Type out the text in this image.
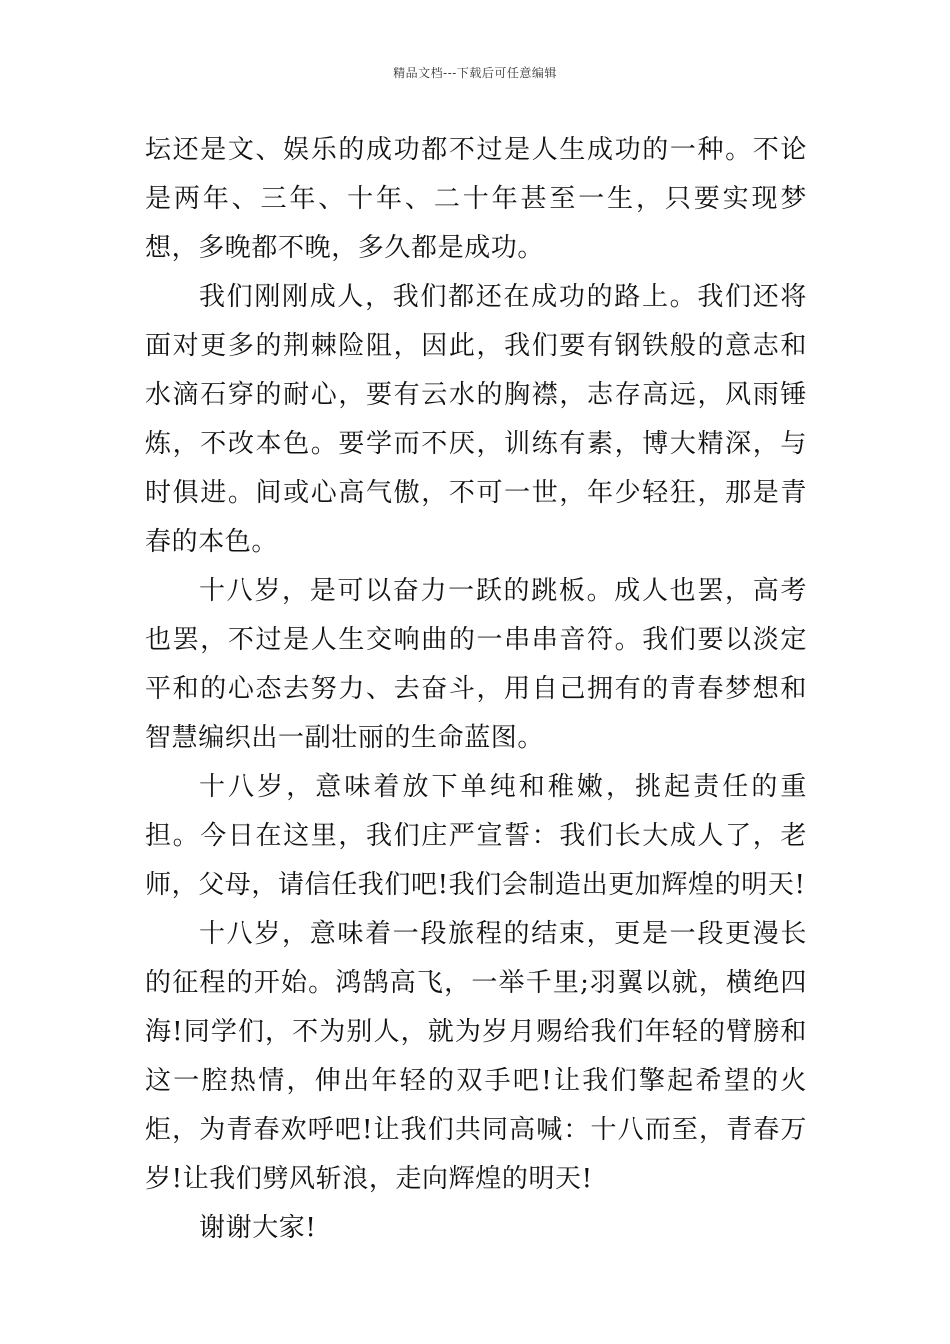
精品文档---下载后可任意编辑

坛还是文、娱乐的成功都不过是人生成功的一种。不论是两年、三年、十年、二十年甚至一生，只要实现梦想，多晚都不晚，多久都是成功。

我们刚刚成人，我们都还在成功的路上。我们还将面对更多的荆棘险阻，因此，我们要有钢铁般的意志和水滴石穿的耐心，要有云水的胸襟，志存高远，风雨锤炼，不改本色。要学而不厌，训练有素，博大精深，与时俱进。间或心高气傲，不可一世，年少轻狂，那是青春的本色。

十八岁，是可以奋力一跃的跳板。成人也罢，高考也罢，不过是人生交响曲的一串串音符。我们要以淡定平和的心态去努力、去奋斗，用自己拥有的青春梦想和智慧编织出一副壮丽的生命蓝图。

十八岁，意味着放下单纯和稚嫩，挑起责任的重担。今日在这里，我们庄严宣誓：我们长大成人了，老师，父母，请信任我们吧!我们会制造出更加辉煌的明天!

十八岁，意味着一段旅程的结束，更是一段更漫长的征程的开始。鸿鹄高飞，一举千里;羽翼以就，横绝四海!同学们，不为别人，就为岁月赐给我们年轻的臂膀和这一腔热情，伸出年轻的双手吧!让我们擎起希望的火炬，为青春欢呼吧!让我们共同高喊：十八而至，青春万岁!让我们劈风斩浪，走向辉煌的明天!

谢谢大家!
